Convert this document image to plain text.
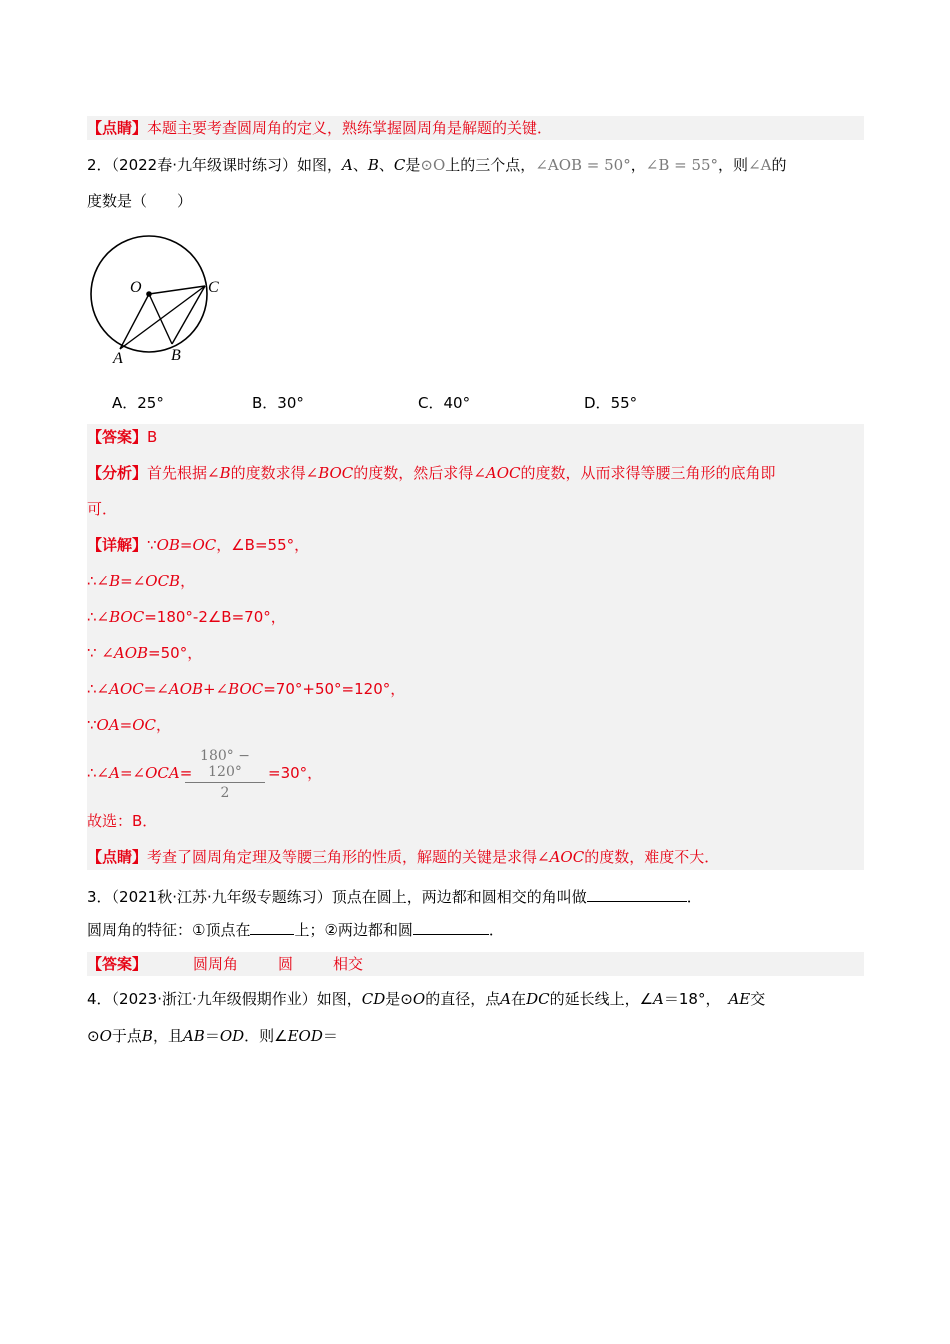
【点睛】本题主要考查圆周角的定义，熟练掌握圆周角是解题的关键．
2．（2022春·九年级课时练习）如图，A、B、C是⊙O上的三个点，∠AOB = 50°，∠B = 55°，则∠A的
度数是（　　）
O	C
A	B
A．25°	B．30°	C．40°	D．55°
【答案】B
【分析】首先根据∠B的度数求得∠BOC的度数，然后求得∠AOC的度数，从而求得等腰三角形的底角即
可．
【详解】∵OB=OC，∠B=55°，
∴∠B=∠OCB，
∴∠BOC=180°-2∠B=70°，
∵ ∠AOB=50°，
∴∠AOC=∠AOB+∠BOC=70°+50°=120°，
∵OA=OC，
∴∠A=∠OCA=
180° − 120°
2
=30°，
故选：B．
【点睛】考查了圆周角定理及等腰三角形的性质，解题的关键是求得∠AOC的度数，难度不大．
3．（2021秋·江苏·九年级专题练习）顶点在圆上，两边都和圆相交的角叫做	．
圆周角的特征：①顶点在	上；②两边都和圆	．
【答案】	圆周角	圆	相交
4．（2023·浙江·九年级假期作业）如图，CD是⊙O的直径，点A在DC的延长线上，∠A＝18°， AE交
⊙O于点B，且AB＝OD．则∠EOD＝
